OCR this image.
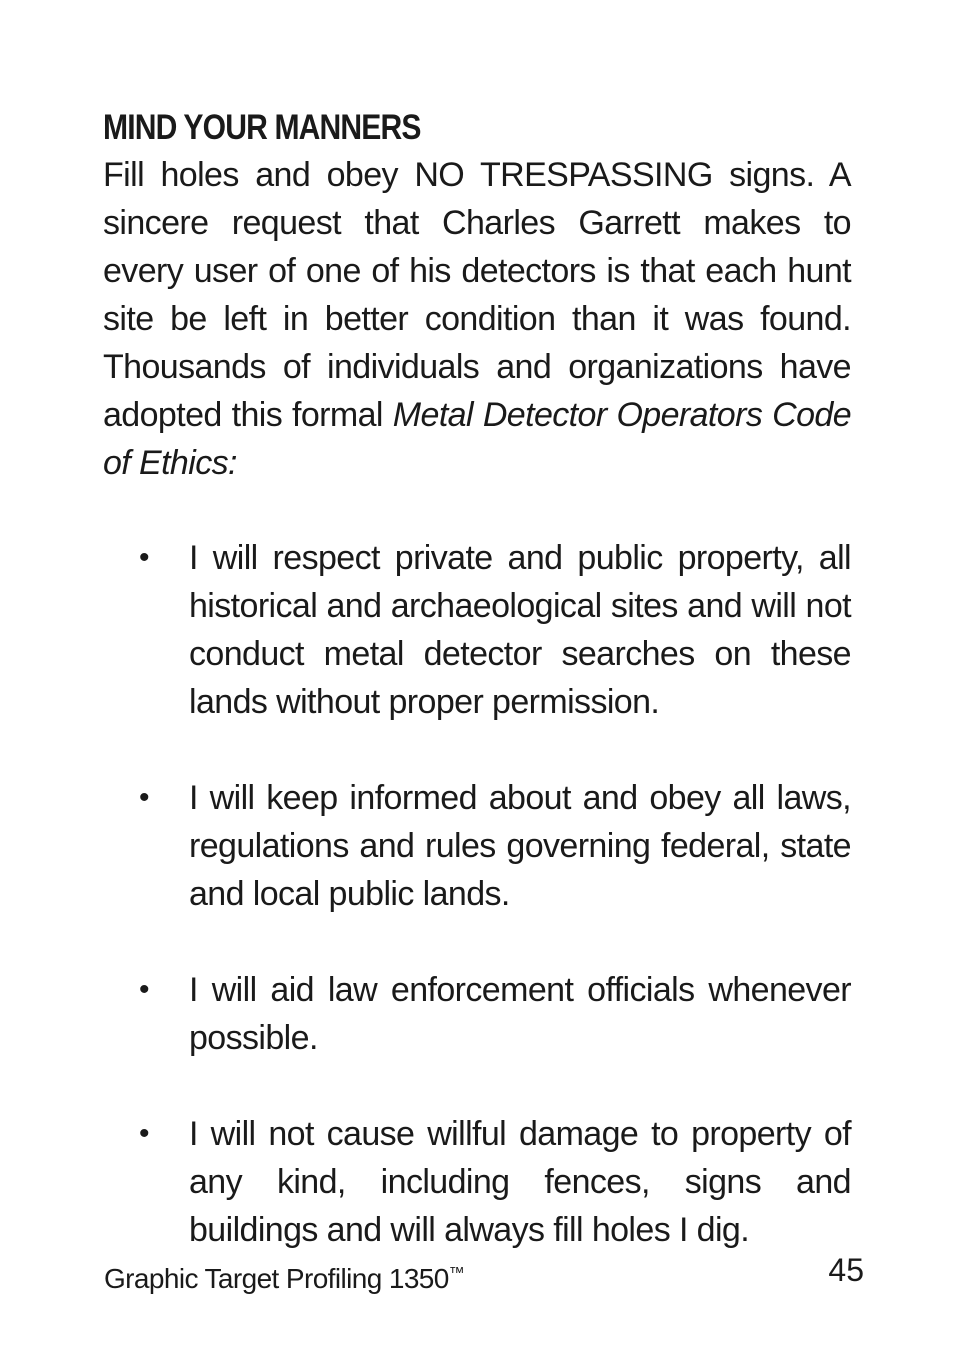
MIND YOUR MANNERS

Fill holes and obey NO TRESPASSING signs. A sincere request that Charles Garrett makes to every user of one of his detectors is that each hunt site be left in better condition than it was found. Thousands of individuals and organizations have adopted this formal Metal Detector Operators Code of Ethics:

• I will respect private and public property, all historical and archaeological sites and will not conduct metal detector searches on these lands without proper permission.
• I will keep informed about and obey all laws, regulations and rules governing federal, state and local public lands.
• I will aid law enforcement officials whenever possible.
• I will not cause willful damage to property of any kind, including fences, signs and buildings and will always fill holes I dig.
Graphic Target Profiling 1350™	45
